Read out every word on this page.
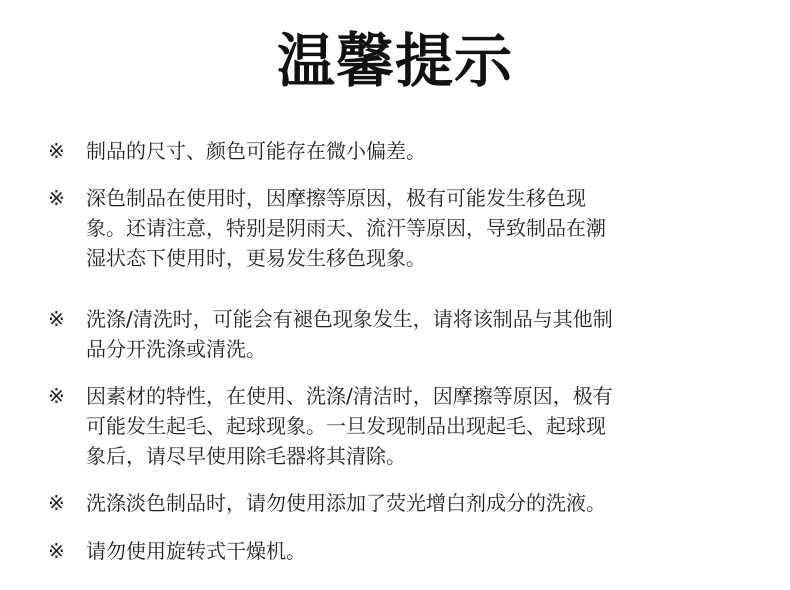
温馨提示
※	制品的尺寸、颜色可能存在微小偏差。
※	深色制品在使用时，因摩擦等原因，极有可能发生移色现
象。还请注意，特别是阴雨天、流汗等原因，导致制品在潮
湿状态下使用时，更易发生移色现象。
※	洗涤/清洗时，可能会有褪色现象发生，请将该制品与其他制
品分开洗涤或清洗。
※	因素材的特性，在使用、洗涤/清洁时，因摩擦等原因，极有
可能发生起毛、起球现象。一旦发现制品出现起毛、起球现
象后，请尽早使用除毛器将其清除。
※	洗涤淡色制品时，请勿使用添加了荧光增白剂成分的洗液。
※	请勿使用旋转式干燥机。
